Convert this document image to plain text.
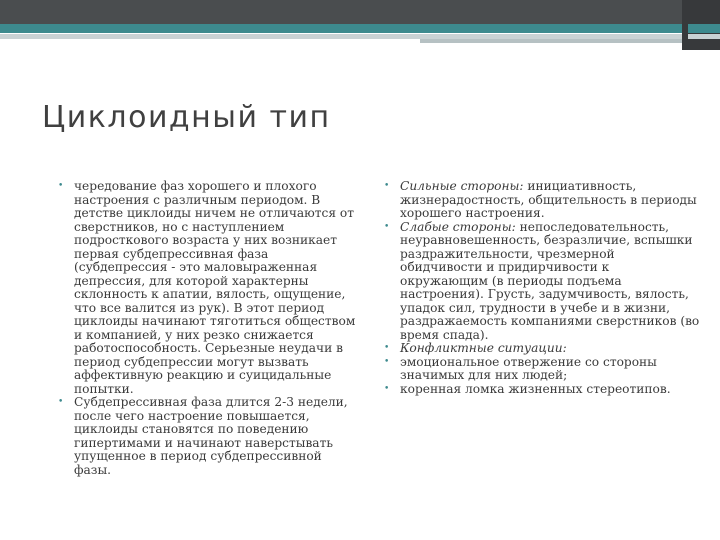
Циклоидный тип
• чередование фаз хорошего и плохого настроения с различным периодом. В детстве циклоиды ничем не отличаются от сверстников, но с наступлением подросткового возраста у них возникает первая субдепрессивная фаза (субдепрессия - это маловыраженная депрессия, для которой характерны склонность к апатии, вялость, ощущение, что все валится из рук). В этот период циклоиды начинают тяготиться обществом и компанией, у них резко снижается работоспособность. Серьезные неудачи в период субдепрессии могут вызвать аффективную реакцию и суицидальные попытки.
• Субдепрессивная фаза длится 2-3 недели, после чего настроение повышается, циклоиды становятся по поведению гипертимами и начинают наверстывать упущенное в период субдепрессивной фазы.
• Сильные стороны: инициативность, жизнерадостность, общительность в периоды хорошего настроения.
• Слабые стороны: непоследовательность, неуравновешенность, безразличие, вспышки раздражительности, чрезмерной обидчивости и придирчивости к окружающим (в периоды подъема настроения). Грусть, задумчивость, вялость, упадок сил, трудности в учебе и в жизни, раздражаемость компаниями сверстников (во время спада).
• Конфликтные ситуации:
• эмоциональное отвержение со стороны значимых для них людей;
• коренная ломка жизненных стереотипов.
